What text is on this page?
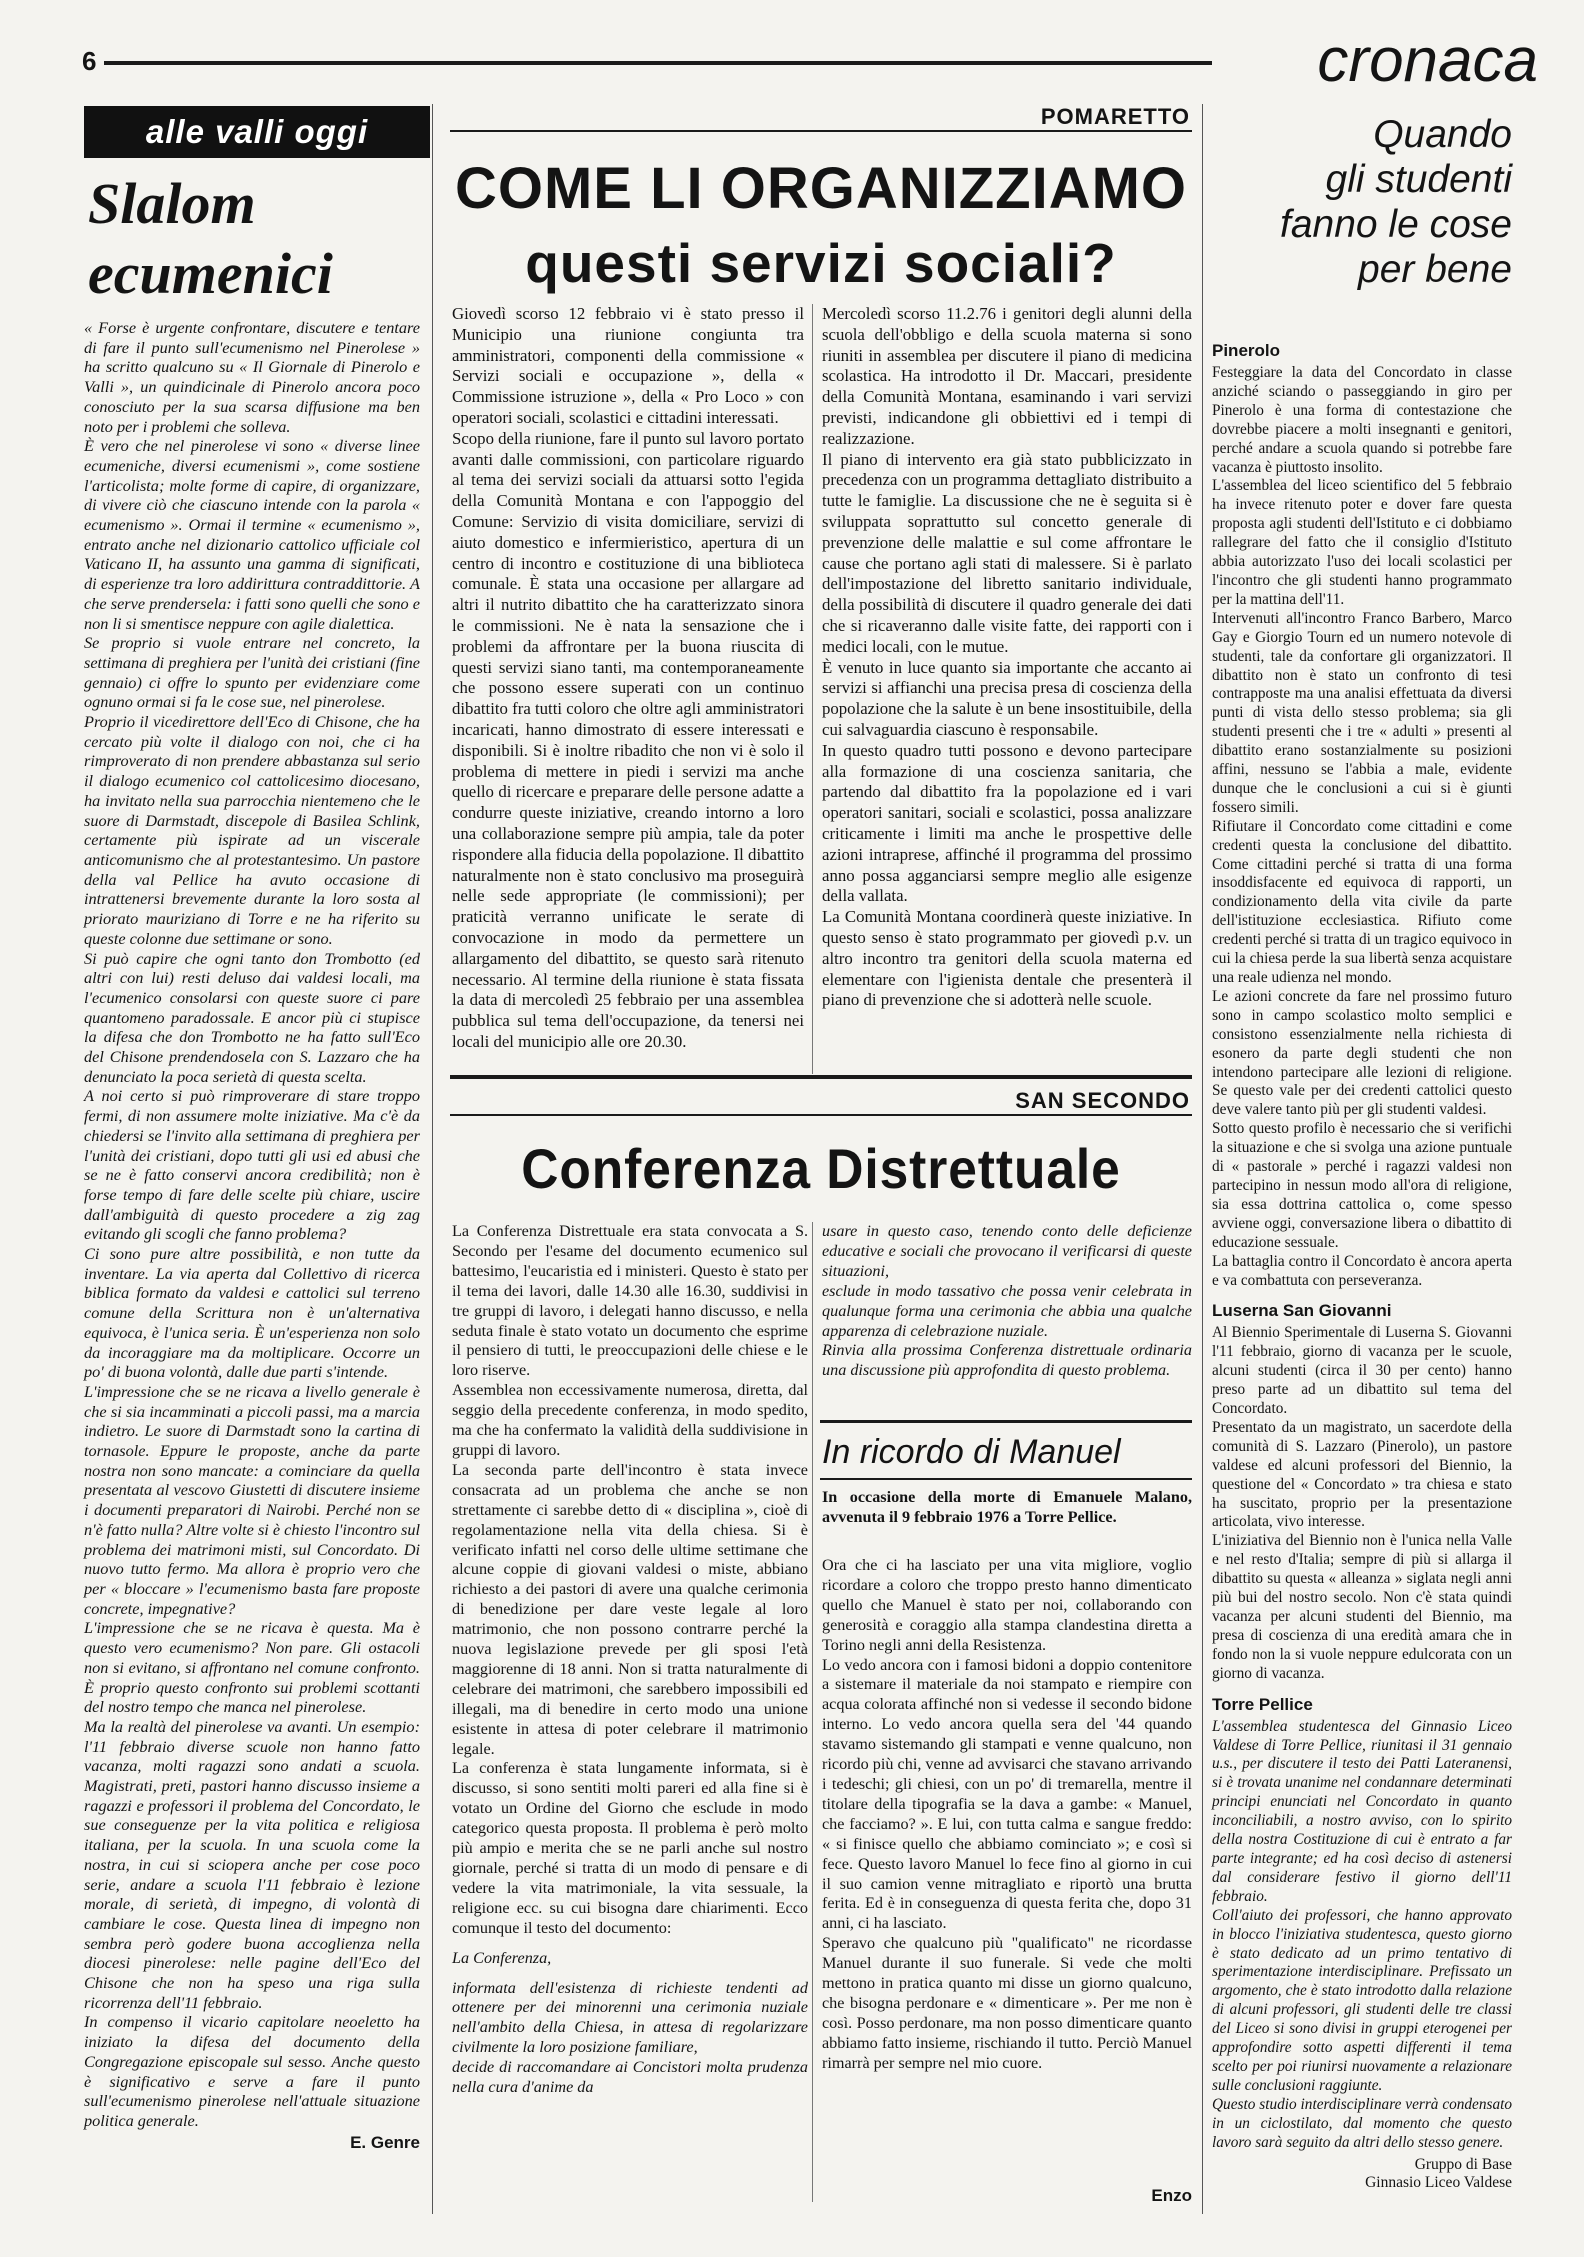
6	cronaca
alle valli oggi
Slalom
ecumenici

« Forse è urgente confrontare, discutere e tentare di fare il punto sull'ecumenismo nel Pinerolese » ha scritto qualcuno su « Il Giornale di Pinerolo e Valli », un quindicinale di Pinerolo ancora poco conosciuto per la sua scarsa diffusione ma ben noto per i problemi che solleva.
È vero che nel pinerolese vi sono « diverse linee ecumeniche, diversi ecumenismi », come sostiene l'articolista; molte forme di capire, di organizzare, di vivere ciò che ciascuno intende con la parola « ecumenismo ». Ormai il termine « ecumenismo », entrato anche nel dizionario cattolico ufficiale col Vaticano II, ha assunto una gamma di significati, di esperienze tra loro addirittura contraddittorie. A che serve prendersela: i fatti sono quelli che sono e non li si smentisce neppure con agile dialettica.
Se proprio si vuole entrare nel concreto, la settimana di preghiera per l'unità dei cristiani (fine gennaio) ci offre lo spunto per evidenziare come ognuno ormai si fa le cose sue, nel pinerolese.
Proprio il vicedirettore dell'Eco di Chisone, che ha cercato più volte il dialogo con noi, che ci ha rimproverato di non prendere abbastanza sul serio il dialogo ecumenico col cattolicesimo diocesano, ha invitato nella sua parrocchia nientemeno che le suore di Darmstadt, discepole di Basilea Schlink, certamente più ispirate ad un viscerale anticomunismo che al protestantesimo. Un pastore della val Pellice ha avuto occasione di intrattenersi brevemente durante la loro sosta al priorato mauriziano di Torre e ne ha riferito su queste colonne due settimane or sono.
Si può capire che ogni tanto don Trombotto (ed altri con lui) resti deluso dai valdesi locali, ma l'ecumenico consolarsi con queste suore ci pare quantomeno paradossale. E ancor più ci stupisce la difesa che don Trombotto ne ha fatto sull'Eco del Chisone prendendosela con S. Lazzaro che ha denunciato la poca serietà di questa scelta.
A noi certo si può rimproverare di stare troppo fermi, di non assumere molte iniziative. Ma c'è da chiedersi se l'invito alla settimana di preghiera per l'unità dei cristiani, dopo tutti gli usi ed abusi che se ne è fatto conservi ancora credibilità; non è forse tempo di fare delle scelte più chiare, uscire dall'ambiguità di questo procedere a zig zag evitando gli scogli che fanno problema?
Ci sono pure altre possibilità, e non tutte da inventare. La via aperta dal Collettivo di ricerca biblica formato da valdesi e cattolici sul terreno comune della Scrittura non è un'alternativa equivoca, è l'unica seria. È un'esperienza non solo da incoraggiare ma da moltiplicare. Occorre un po' di buona volontà, dalle due parti s'intende.

L'impressione che se ne ricava a livello generale è che si sia incamminati a piccoli passi, ma a marcia indietro. Le suore di Darmstadt sono la cartina di tornasole. Eppure le proposte, anche da parte nostra non sono mancate: a cominciare da quella presentata al vescovo Giustetti di discutere insieme i documenti preparatori di Nairobi. Perché non se n'è fatto nulla? Altre volte si è chiesto l'incontro sul problema dei matrimoni misti, sul Concordato. Di nuovo tutto fermo. Ma allora è proprio vero che per « bloccare » l'ecumenismo basta fare proposte concrete, impegnative?
L'impressione che se ne ricava è questa. Ma è questo vero ecumenismo? Non pare. Gli ostacoli non si evitano, si affrontano nel comune confronto. È proprio questo confronto sui problemi scottanti del nostro tempo che manca nel pinerolese.
Ma la realtà del pinerolese va avanti. Un esempio: l'11 febbraio diverse scuole non hanno fatto vacanza, molti ragazzi sono andati a scuola. Magistrati, preti, pastori hanno discusso insieme a ragazzi e professori il problema del Concordato, le sue conseguenze per la vita politica e religiosa italiana, per la scuola. In una scuola come la nostra, in cui si sciopera anche per cose poco serie, andare a scuola l'11 febbraio è lezione morale, di serietà, di impegno, di volontà di cambiare le cose. Questa linea di impegno non sembra però godere buona accoglienza nella diocesi pinerolese: nelle pagine dell'Eco del Chisone che non ha speso una riga sulla ricorrenza dell'11 febbraio.
In compenso il vicario capitolare neoeletto ha iniziato la difesa del documento della Congregazione episcopale sul sesso. Anche questo è significativo e serve a fare il punto sull'ecumenismo pinerolese nell'attuale situazione politica generale.

E. Genre
POMARETTO
COME LI ORGANIZZIAMO
questi servizi sociali?

Giovedì scorso 12 febbraio vi è stato presso il Municipio una riunione congiunta tra amministratori, componenti della commissione « Servizi sociali e occupazione », della « Commissione istruzione », della « Pro Loco » con operatori sociali, scolastici e cittadini interessati.
Scopo della riunione, fare il punto sul lavoro portato avanti dalle commissioni, con particolare riguardo al tema dei servizi sociali da attuarsi sotto l'egida della Comunità Montana e con l'appoggio del Comune: Servizio di visita domiciliare, servizi di aiuto domestico e infermieristico, apertura di un centro di incontro e costituzione di una biblioteca comunale. È stata una occasione per allargare ad altri il nutrito dibattito che ha caratterizzato sinora le commissioni. Ne è nata la sensazione che i problemi da affrontare per la buona riuscita di questi servizi siano tanti, ma contemporaneamente che possono essere superati con un continuo dibattito fra tutti coloro che oltre agli amministratori incaricati, hanno dimostrato di essere interessati e disponibili. Si è inoltre ribadito che non vi è solo il problema di mettere in piedi i servizi ma anche quello di ricercare e preparare delle persone adatte a condurre queste iniziative, creando intorno a loro una collaborazione sempre più ampia, tale da poter rispondere alla fiducia della popolazione. Il dibattito naturalmente non è stato conclusivo ma proseguirà nelle sede appropriate (le commissioni); per praticità verranno unificate le serate di convocazione in modo da permettere un allargamento del dibattito, se questo sarà ritenuto necessario. Al termine della riunione è stata fissata la data di mercoledì 25 febbraio per una assemblea pubblica sul tema dell'occupazione, da tenersi nei locali del municipio alle ore 20.30.

Mercoledì scorso 11.2.76 i genitori degli alunni della scuola dell'obbligo e della scuola materna si sono riuniti in assemblea per discutere il piano di medicina scolastica. Ha introdotto il Dr. Maccari, presidente della Comunità Montana, esaminando i vari servizi previsti, indicandone gli obbiettivi ed i tempi di realizzazione.
Il piano di intervento era già stato pubblicizzato in precedenza con un programma dettagliato distribuito a tutte le famiglie. La discussione che ne è seguita si è sviluppata soprattutto sul concetto generale di prevenzione delle malattie e sul come affrontare le cause che portano agli stati di malessere. Si è parlato dell'impostazione del libretto sanitario individuale, della possibilità di discutere il quadro generale dei dati che si ricaveranno dalle visite fatte, dei rapporti con i medici locali, con le mutue.
È venuto in luce quanto sia importante che accanto ai servizi si affianchi una precisa presa di coscienza della popolazione che la salute è un bene insostituibile, della cui salvaguardia ciascuno è responsabile.
In questo quadro tutti possono e devono partecipare alla formazione di una coscienza sanitaria, che partendo dal dibattito fra la popolazione ed i vari operatori sanitari, sociali e scolastici, possa analizzare criticamente i limiti ma anche le prospettive delle azioni intraprese, affinché il programma del prossimo anno possa agganciarsi sempre meglio alle esigenze della vallata.
La Comunità Montana coordinerà queste iniziative. In questo senso è stato programmato per giovedì p.v. un altro incontro tra genitori della scuola materna ed elementare con l'igienista dentale che presenterà il piano di prevenzione che si adotterà nelle scuole.

SAN SECONDO
Conferenza Distrettuale

La Conferenza Distrettuale era stata convocata a S. Secondo per l'esame del documento ecumenico sul battesimo, l'eucaristia ed i ministeri. Questo è stato per il tema dei lavori, dalle 14.30 alle 16.30, suddivisi in tre gruppi di lavoro, i delegati hanno discusso, e nella seduta finale è stato votato un documento che esprime il pensiero di tutti, le preoccupazioni delle chiese e le loro riserve.
Assemblea non eccessivamente numerosa, diretta, dal seggio della precedente conferenza, in modo spedito, ma che ha confermato la validità della suddivisione in gruppi di lavoro.
La seconda parte dell'incontro è stata invece consacrata ad un problema che anche se non strettamente ci sarebbe detto di « disciplina », cioè di regolamentazione nella vita della chiesa. Si è verificato infatti nel corso delle ultime settimane che alcune coppie di giovani valdesi o miste, abbiano richiesto a dei pastori di avere una qualche cerimonia di benedizione per dare veste legale al loro matrimonio, che non possono contrarre perché la nuova legislazione prevede per gli sposi l'età maggiorenne di 18 anni. Non si tratta naturalmente di celebrare dei matrimoni, che sarebbero impossibili ed illegali, ma di benedire in certo modo una unione esistente in attesa di poter celebrare il matrimonio legale.
La conferenza è stata lungamente informata, si è discusso, si sono sentiti molti pareri ed alla fine si è votato un Ordine del Giorno che esclude in modo categorico questa proposta. Il problema è però molto più ampio e merita che se ne parli anche sul nostro giornale, perché si tratta di un modo di pensare e di vedere la vita matrimoniale, la vita sessuale, la religione ecc. su cui bisogna dare chiarimenti. Ecco comunque il testo del documento:

La Conferenza,

informata dell'esistenza di richieste tendenti ad ottenere per dei minorenni una cerimonia nuziale nell'ambito della Chiesa, in attesa di regolarizzare civilmente la loro posizione familiare,
decide di raccomandare ai Concistori molta prudenza nella cura d'anime da

usare in questo caso, tenendo conto delle deficienze educative e sociali che provocano il verificarsi di queste situazioni,
esclude in modo tassativo che possa venir celebrata in qualunque forma una cerimonia che abbia una qualche apparenza di celebrazione nuziale.
Rinvia alla prossima Conferenza distrettuale ordinaria una discussione più approfondita di questo problema.

In ricordo di Manuel

In occasione della morte di Emanuele Malano, avvenuta il 9 febbraio 1976 a Torre Pellice.

Ora che ci ha lasciato per una vita migliore, voglio ricordare a coloro che troppo presto hanno dimenticato quello che Manuel è stato per noi, collaborando con generosità e coraggio alla stampa clandestina diretta a Torino negli anni della Resistenza.
Lo vedo ancora con i famosi bidoni a doppio contenitore a sistemare il materiale da noi stampato e riempire con acqua colorata affinché non si vedesse il secondo bidone interno. Lo vedo ancora quella sera del '44 quando stavamo sistemando gli stampati e venne qualcuno, non ricordo più chi, venne ad avvisarci che stavano arrivando i tedeschi; gli chiesi, con un po' di tremarella, mentre il titolare della tipografia se la dava a gambe: « Manuel, che facciamo? ». E lui, con tutta calma e sangue freddo: « si finisce quello che abbiamo cominciato »; e così si fece. Questo lavoro Manuel lo fece fino al giorno in cui il suo camion venne mitragliato e riportò una brutta ferita. Ed è in conseguenza di questa ferita che, dopo 31 anni, ci ha lasciato.
Speravo che qualcuno più "qualificato" ne ricordasse Manuel durante il suo funerale. Si vede che molti mettono in pratica quanto mi disse un giorno qualcuno, che bisogna perdonare e « dimenticare ». Per me non è così. Posso perdonare, ma non posso dimenticare quanto abbiamo fatto insieme, rischiando il tutto. Perciò Manuel rimarrà per sempre nel mio cuore.

Enzo
Quando
gli studenti
fanno le cose
per bene
Pinerolo

Festeggiare la data del Concordato in classe anziché sciando o passeggiando in giro per Pinerolo è una forma di contestazione che dovrebbe piacere a molti insegnanti e genitori, perché andare a scuola quando si potrebbe fare vacanza è piuttosto insolito.
L'assemblea del liceo scientifico del 5 febbraio ha invece ritenuto poter e dover fare questa proposta agli studenti dell'Istituto e ci dobbiamo rallegrare del fatto che il consiglio d'Istituto abbia autorizzato l'uso dei locali scolastici per l'incontro che gli studenti hanno programmato per la mattina dell'11.
Intervenuti all'incontro Franco Barbero, Marco Gay e Giorgio Tourn ed un numero notevole di studenti, tale da confortare gli organizzatori. Il dibattito non è stato un confronto di tesi contrapposte ma una analisi effettuata da diversi punti di vista dello stesso problema; sia gli studenti presenti che i tre « adulti » presenti al dibattito erano sostanzialmente su posizioni affini, nessuno se l'abbia a male, evidente dunque che le conclusioni a cui si è giunti fossero simili.
Rifiutare il Concordato come cittadini e come credenti questa la conclusione del dibattito. Come cittadini perché si tratta di una forma insoddisfacente ed equivoca di rapporti, un condizionamento della vita civile da parte dell'istituzione ecclesiastica. Rifiuto come credenti perché si tratta di un tragico equivoco in cui la chiesa perde la sua libertà senza acquistare una reale udienza nel mondo.
Le azioni concrete da fare nel prossimo futuro sono in campo scolastico molto semplici e consistono essenzialmente nella richiesta di esonero da parte degli studenti che non intendono partecipare alle lezioni di religione. Se questo vale per dei credenti cattolici questo deve valere tanto più per gli studenti valdesi.
Sotto questo profilo è necessario che si verifichi la situazione e che si svolga una azione puntuale di « pastorale » perché i ragazzi valdesi non partecipino in nessun modo all'ora di religione, sia essa dottrina cattolica o, come spesso avviene oggi, conversazione libera o dibattito di educazione sessuale.
La battaglia contro il Concordato è ancora aperta e va combattuta con perseveranza.

Luserna San Giovanni

Al Biennio Sperimentale di Luserna S. Giovanni l'11 febbraio, giorno di vacanza per le scuole, alcuni studenti (circa il 30 per cento) hanno preso parte ad un dibattito sul tema del Concordato.
Presentato da un magistrato, un sacerdote della comunità di S. Lazzaro (Pinerolo), un pastore valdese ed alcuni professori del Biennio, la questione del « Concordato » tra chiesa e stato ha suscitato, proprio per la presentazione articolata, vivo interesse.
L'iniziativa del Biennio non è l'unica nella Valle e nel resto d'Italia; sempre di più si allarga il dibattito su questa « alleanza » siglata negli anni più bui del nostro secolo. Non c'è stata quindi vacanza per alcuni studenti del Biennio, ma presa di coscienza di una eredità amara che in fondo non la si vuole neppure edulcorata con un giorno di vacanza.

Torre Pellice

L'assemblea studentesca del Ginnasio Liceo Valdese di Torre Pellice, riunitasi il 31 gennaio u.s., per discutere il testo dei Patti Lateranensi, si è trovata unanime nel condannare determinati principi enunciati nel Concordato in quanto inconciliabili, a nostro avviso, con lo spirito della nostra Costituzione di cui è entrato a far parte integrante; ed ha così deciso di astenersi dal considerare festivo il giorno dell'11 febbraio.
Coll'aiuto dei professori, che hanno approvato in blocco l'iniziativa studentesca, questo giorno è stato dedicato ad un primo tentativo di sperimentazione interdisciplinare. Prefissato un argomento, che è stato introdotto dalla relazione di alcuni professori, gli studenti delle tre classi del Liceo si sono divisi in gruppi eterogenei per approfondire sotto aspetti differenti il tema scelto per poi riunirsi nuovamente a relazionare sulle conclusioni raggiunte.
Questo studio interdisciplinare verrà condensato in un ciclostilato, dal momento che questo lavoro sarà seguito da altri dello stesso genere.

Gruppo di Base
Ginnasio Liceo Valdese
